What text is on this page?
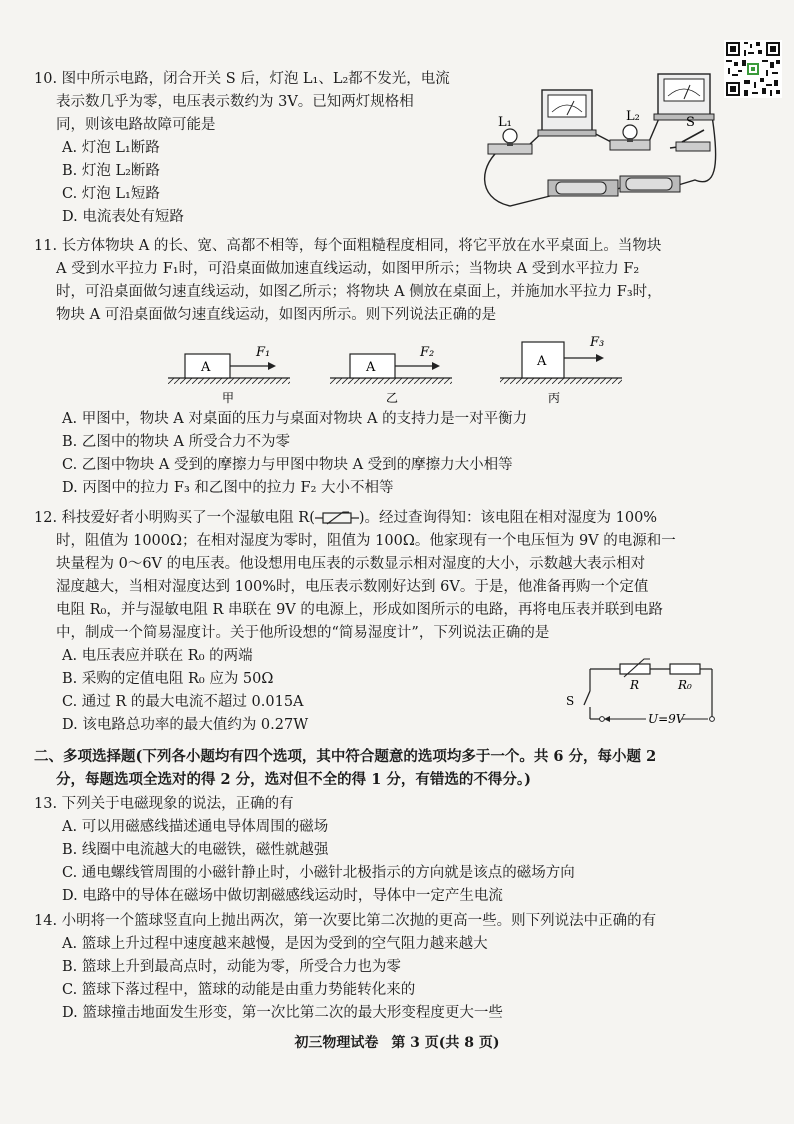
10. 图中所示电路，闭合开关 S 后，灯泡 L₁、L₂都不发光，电流
表示数几乎为零，电压表示数约为 3V。已知两灯规格相
同，则该电路故障可能是
A. 灯泡 L₁断路
B. 灯泡 L₂断路
C. 灯泡 L₁短路
D. 电流表处有短路
L₁	L₂	S
11. 长方体物块 A 的长、宽、高都不相等，每个面粗糙程度相同，将它平放在水平桌面上。当物块
A 受到水平拉力 F₁时，可沿桌面做加速直线运动，如图甲所示；当物块 A 受到水平拉力 F₂
时，可沿桌面做匀速直线运动，如图乙所示；将物块 A 侧放在桌面上，并施加水平拉力 F₃时，
物块 A 可沿桌面做匀速直线运动，如图丙所示。则下列说法正确的是
A
F₁
甲
A
F₂
乙
A
F₃
丙
A. 甲图中，物块 A 对桌面的压力与桌面对物块 A 的支持力是一对平衡力
B. 乙图中的物块 A 所受合力不为零
C. 乙图中物块 A 受到的摩擦力与甲图中物块 A 受到的摩擦力大小相等
D. 丙图中的拉力 F₃ 和乙图中的拉力 F₂ 大小不相等
12. 科技爱好者小明购买了一个湿敏电阻 R(	)。经过查询得知：该电阻在相对湿度为 100%
时，阻值为 1000Ω；在相对湿度为零时，阻值为 100Ω。他家现有一个电压恒为 9V 的电源和一
块量程为 0～6V 的电压表。他设想用电压表的示数显示相对湿度的大小，示数越大表示相对
湿度越大，当相对湿度达到 100%时，电压表示数刚好达到 6V。于是，他准备再购一个定值
电阻 R₀，并与湿敏电阻 R 串联在 9V 的电源上，形成如图所示的电路，再将电压表并联到电路
中，制成一个简易湿度计。关于他所设想的“简易湿度计”，下列说法正确的是
A. 电压表应并联在 R₀ 的两端
B. 采购的定值电阻 R₀ 应为 50Ω
C. 通过 R 的最大电流不超过 0.015A
D. 该电路总功率的最大值约为 0.27W
R	R₀
S
U=9V
二、多项选择题(下列各小题均有四个选项，其中符合题意的选项均多于一个。共 6 分，每小题 2
分，每题选项全选对的得 2 分，选对但不全的得 1 分，有错选的不得分。)
13. 下列关于电磁现象的说法，正确的有
A. 可以用磁感线描述通电导体周围的磁场
B. 线圈中电流越大的电磁铁，磁性就越强
C. 通电螺线管周围的小磁针静止时，小磁针北极指示的方向就是该点的磁场方向
D. 电路中的导体在磁场中做切割磁感线运动时，导体中一定产生电流
14. 小明将一个篮球竖直向上抛出两次，第一次要比第二次抛的更高一些。则下列说法中正确的有
A. 篮球上升过程中速度越来越慢，是因为受到的空气阻力越来越大
B. 篮球上升到最高点时，动能为零，所受合力也为零
C. 篮球下落过程中，篮球的动能是由重力势能转化来的
D. 篮球撞击地面发生形变，第一次比第二次的最大形变程度更大一些
初三物理试卷 第 3 页(共 8 页)
